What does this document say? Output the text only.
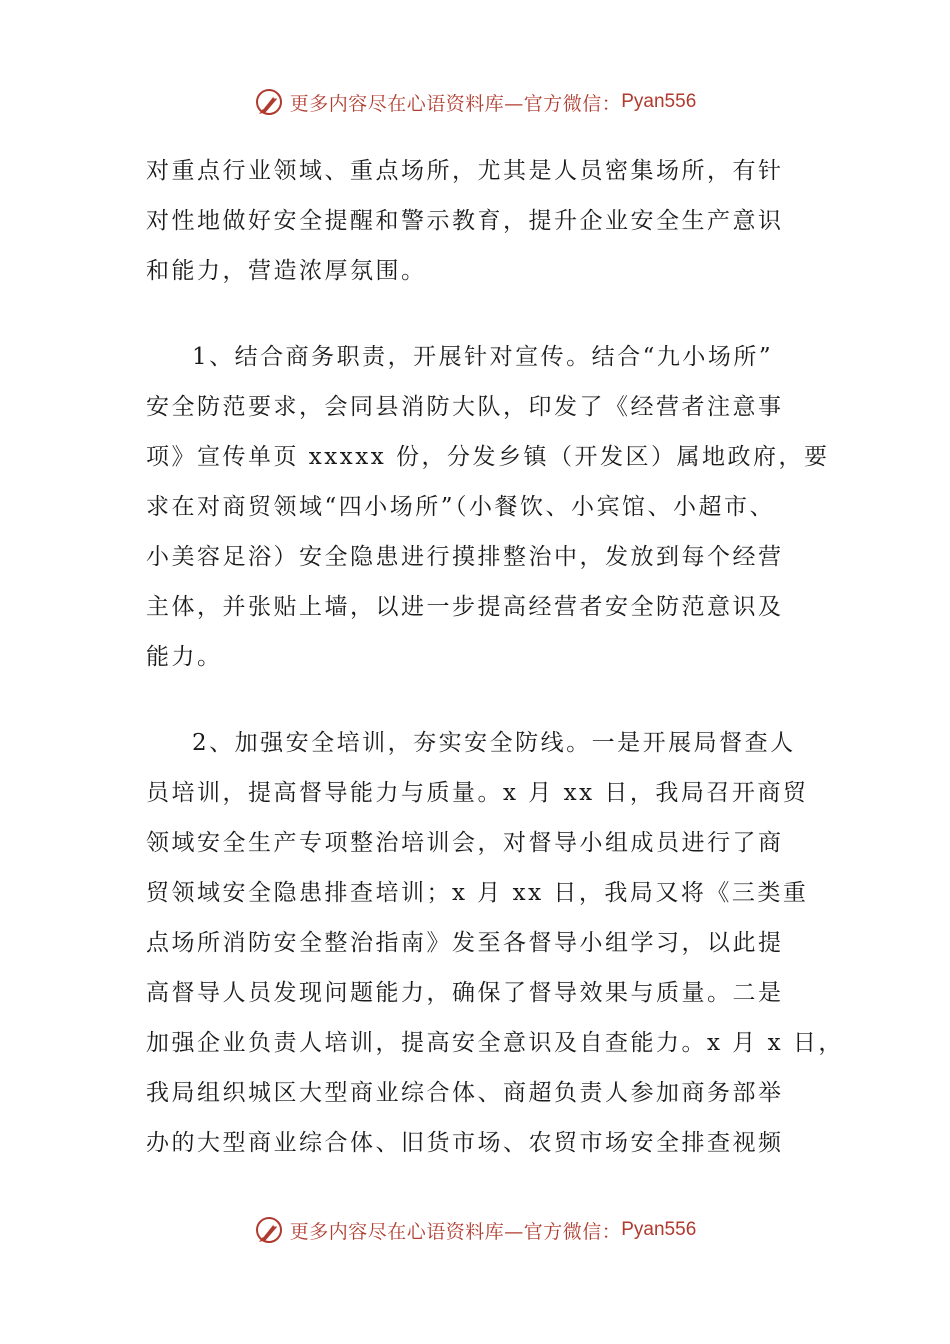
更多内容尽在心语资料库—官方微信： Pyan556
对重点行业领域、重点场所，尤其是人员密集场所，有针
对性地做好安全提醒和警示教育，提升企业安全生产意识
和能力，营造浓厚氛围。
1、结合商务职责，开展针对宣传。结合“九小场所”
安全防范要求，会同县消防大队，印发了《经营者注意事
项》宣传单页 xxxxx 份，分发乡镇（开发区）属地政府，要
求在对商贸领域“四小场所”（小餐饮、小宾馆、小超市、
小美容足浴）安全隐患进行摸排整治中，发放到每个经营
主体，并张贴上墙，以进一步提高经营者安全防范意识及
能力。
2、加强安全培训，夯实安全防线。一是开展局督查人
员培训，提高督导能力与质量。x 月 xx 日，我局召开商贸
领域安全生产专项整治培训会，对督导小组成员进行了商
贸领域安全隐患排查培训；x 月 xx 日，我局又将《三类重
点场所消防安全整治指南》发至各督导小组学习，以此提
高督导人员发现问题能力，确保了督导效果与质量。二是
加强企业负责人培训，提高安全意识及自查能力。x 月 x 日，
我局组织城区大型商业综合体、商超负责人参加商务部举
办的大型商业综合体、旧货市场、农贸市场安全排查视频
更多内容尽在心语资料库—官方微信： Pyan556
